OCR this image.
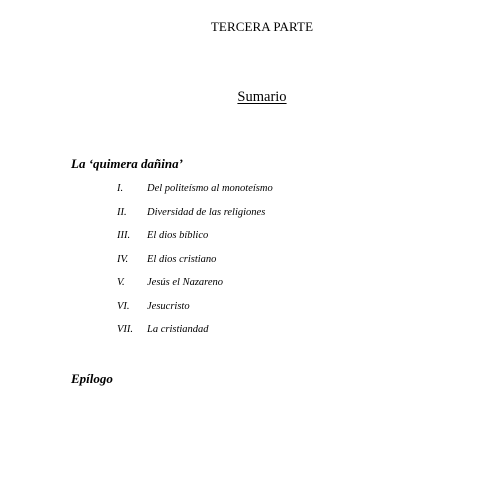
TERCERA PARTE
Sumario
La ‘quimera dañina’
I. Del politeísmo al monoteísmo
II. Diversidad de las religiones
III. El dios bíblico
IV. El dios cristiano
V. Jesús el Nazareno
VI. Jesucristo
VII. La cristiandad
Epílogo
